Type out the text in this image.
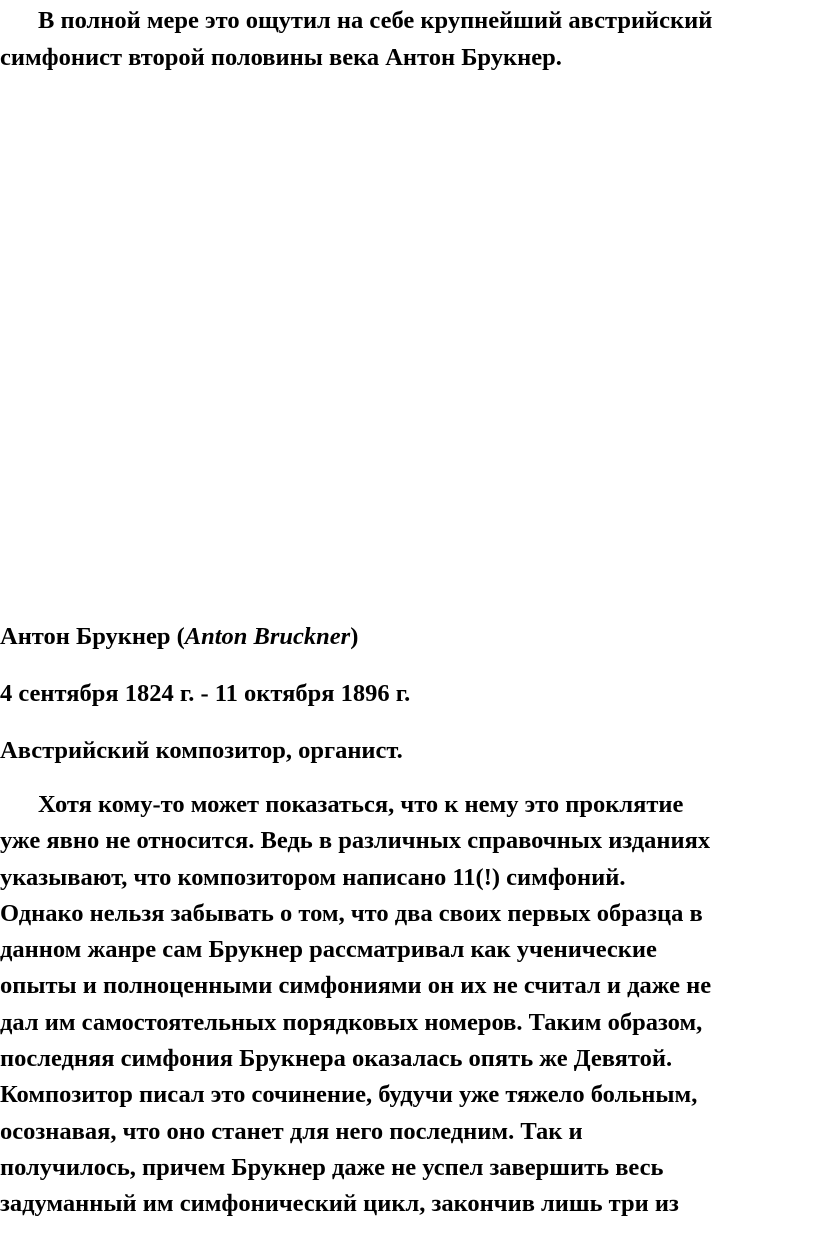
В полной мере это ощутил на себе крупнейший австрийский симфонист второй половины века Антон Брукнер.

Антон Брукнер (Anton Bruckner)

4 сентября 1824 г. - 11 октября 1896 г.

Австрийский композитор, органист.

Хотя кому-то может показаться, что к нему это проклятие
уже явно не относится. Ведь в различных справочных изданиях
указывают, что композитором написано 11(!) симфоний.
Однако нельзя забывать о том, что два своих первых образца в
данном жанре сам Брукнер рассматривал как ученические
опыты и полноценными симфониями он их не считал и даже не
дал им самостоятельных порядковых номеров. Таким образом,
последняя симфония Брукнера оказалась опять же Девятой.
Композитор писал это сочинение, будучи уже тяжело больным,
осознавая, что оно станет для него последним. Так и
получилось, причем Брукнер даже не успел завершить весь
задуманный им симфонический цикл, закончив лишь три из
